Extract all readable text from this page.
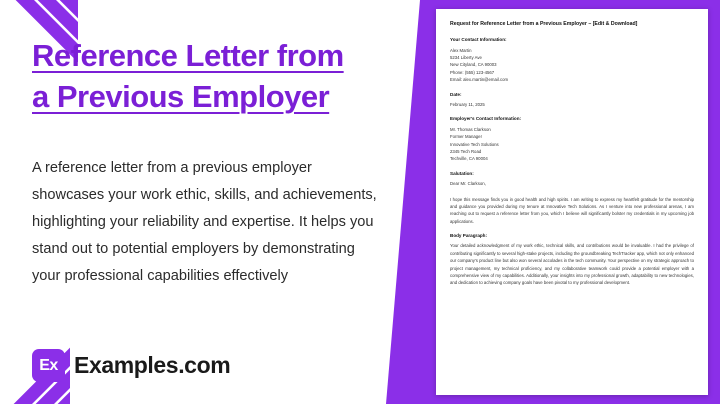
Reference Letter from
a Previous Employer
A reference letter from a previous employer showcases your work ethic, skills, and achievements, highlighting your reliability and expertise. It helps you stand out to potential employers by demonstrating your professional capabilities effectively
Ex Examples.com
Request for Reference Letter from a Previous Employer – [Edit & Download]
Your Contact Information:

Alex Martin

5234 Liberty Ave

New Cityland, CA 90003

Phone: (555) 123-4567

Email: alex.martin@email.com

Date:

February 11, 2025

Employer's Contact Information:

Mr. Thomas Clarkson

Former Manager

Innovative Tech Solutions

2345 Tech Road

Techville, CA 90004

Salutation:

Dear Mr. Clarkson,

I hope this message finds you in good health and high spirits. I am writing to express my heartfelt gratitude for the mentorship and guidance you provided during my tenure at Innovative Tech Solutions. As I venture into new professional arenas, I am reaching out to request a reference letter from you, which I believe will significantly bolster my credentials in my upcoming job applications.

Body Paragraph:

Your detailed acknowledgment of my work ethic, technical skills, and contributions would be invaluable. I had the privilege of contributing significantly to several high-stake projects, including the groundbreaking TechTracker app, which not only enhanced our company's product line but also won several accolades in the tech community. Your perspective on my strategic approach to project management, my technical proficiency, and my collaborative teamwork could provide a potential employer with a comprehensive view of my capabilities. Additionally, your insights into my professional growth, adaptability to new technologies, and dedication to achieving company goals have been pivotal to my professional development.
